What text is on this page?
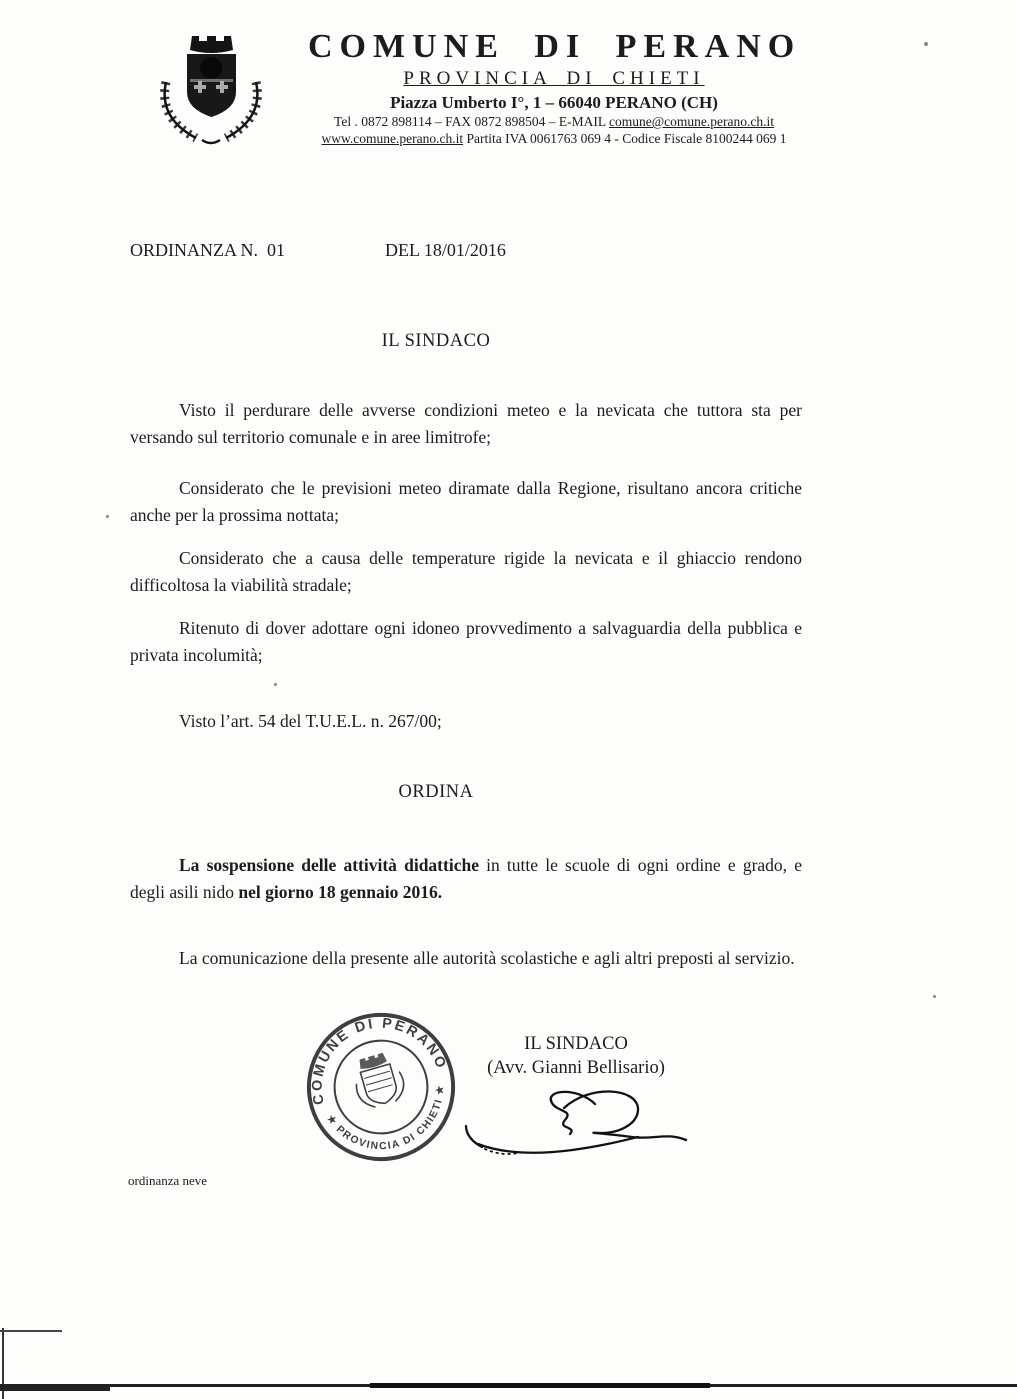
COMUNE DI PERANO
PROVINCIA DI CHIETI
Piazza Umberto I°, 1 – 66040 PERANO (CH)
Tel . 0872 898114 – FAX 0872 898504 – E-MAIL comune@comune.perano.ch.it
www.comune.perano.ch.it Partita IVA 0061763 069 4 - Codice Fiscale 8100244 069 1
ORDINANZA N.  01	DEL 18/01/2016
IL SINDACO

Visto il perdurare delle avverse condizioni meteo e la nevicata che tuttora sta per versando sul territorio comunale e in aree limitrofe;

Considerato che le previsioni meteo diramate dalla Regione, risultano ancora critiche anche per la prossima nottata;

Considerato che a causa delle temperature rigide la nevicata e il ghiaccio rendono difficoltosa la viabilità stradale;

Ritenuto di dover adottare ogni idoneo provvedimento a salvaguardia della pubblica e privata incolumità;

Visto l’art. 54 del T.U.E.L. n. 267/00;

ORDINA

La sospensione delle attività didattiche in tutte le scuole di ogni ordine e grado, e degli asili nido nel giorno 18 gennaio 2016.

La comunicazione della presente alle autorità scolastiche e agli altri preposti al servizio.

COMUNE DI PERANO
★ PROVINCIA DI CHIETI ★

IL SINDACO

(Avv. Gianni Bellisario)

ordinanza neve
